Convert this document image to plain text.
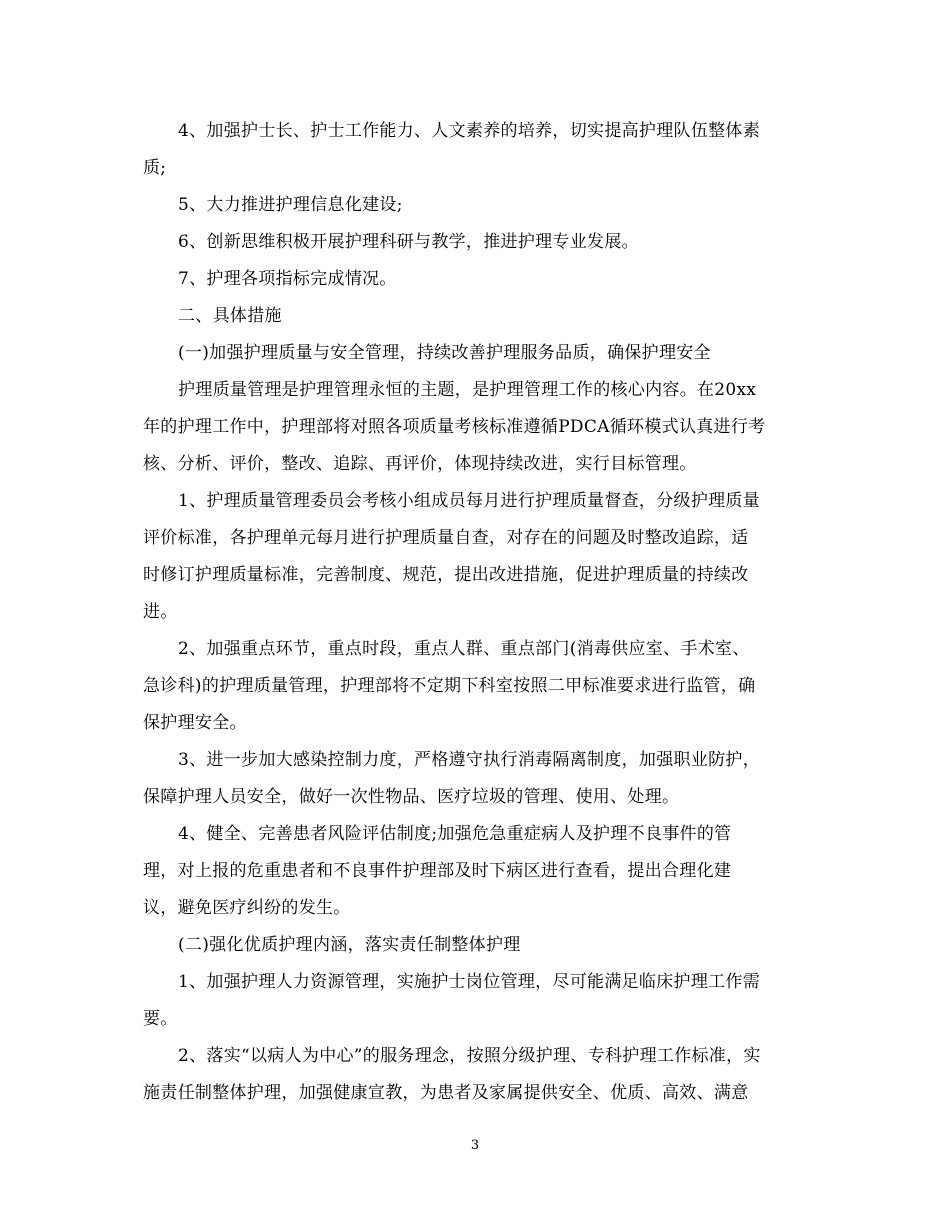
4、加强护士长、护士工作能力、人文素养的培养，切实提高护理队伍整体素
质;
5、大力推进护理信息化建设;
6、创新思维积极开展护理科研与教学，推进护理专业发展。
7、护理各项指标完成情况。
二、具体措施
(一)加强护理质量与安全管理，持续改善护理服务品质，确保护理安全
护理质量管理是护理管理永恒的主题，是护理管理工作的核心内容。在20xx
年的护理工作中，护理部将对照各项质量考核标准遵循PDCA循环模式认真进行考
核、分析、评价，整改、追踪、再评价，体现持续改进，实行目标管理。
1、护理质量管理委员会考核小组成员每月进行护理质量督查，分级护理质量
评价标准，各护理单元每月进行护理质量自查，对存在的问题及时整改追踪，适
时修订护理质量标准，完善制度、规范，提出改进措施，促进护理质量的持续改
进。
2、加强重点环节，重点时段，重点人群、重点部门(消毒供应室、手术室、
急诊科)的护理质量管理，护理部将不定期下科室按照二甲标准要求进行监管，确
保护理安全。
3、进一步加大感染控制力度，严格遵守执行消毒隔离制度，加强职业防护，
保障护理人员安全，做好一次性物品、医疗垃圾的管理、使用、处理。
4、健全、完善患者风险评估制度;加强危急重症病人及护理不良事件的管
理，对上报的危重患者和不良事件护理部及时下病区进行查看，提出合理化建
议，避免医疗纠纷的发生。
(二)强化优质护理内涵，落实责任制整体护理
1、加强护理人力资源管理，实施护士岗位管理，尽可能满足临床护理工作需
要。
2、落实“以病人为中心”的服务理念，按照分级护理、专科护理工作标准，实
施责任制整体护理，加强健康宣教，为患者及家属提供安全、优质、高效、满意
3
